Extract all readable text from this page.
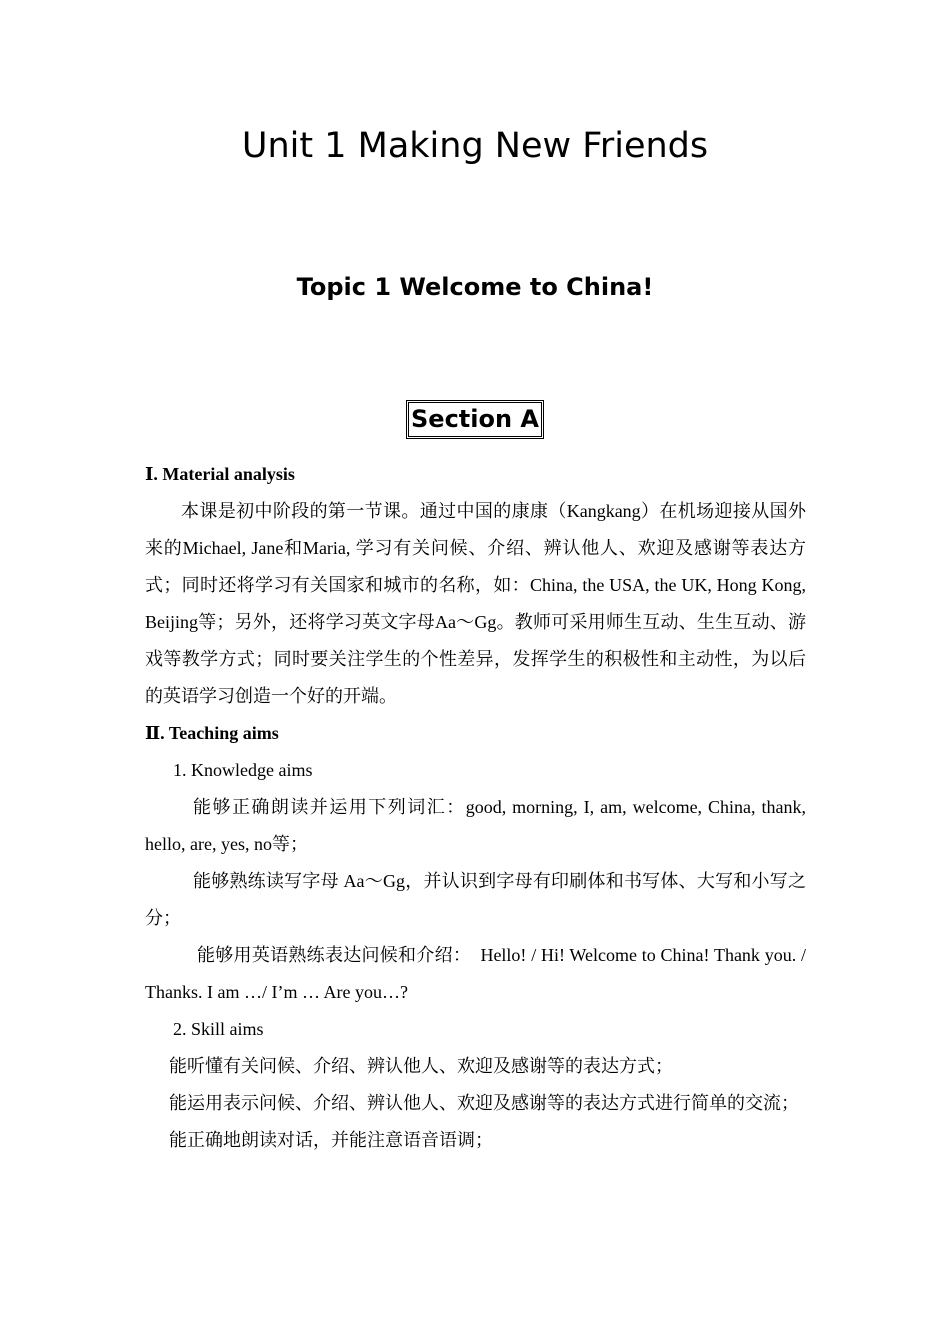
Unit 1 Making New Friends
Topic 1 Welcome to China!
Section A

Ⅰ. Material analysis

本课是初中阶段的第一节课。通过中国的康康（Kangkang）在机场迎接从国外来的Michael, Jane和Maria, 学习有关问候、介绍、辨认他人、欢迎及感谢等表达方式；同时还将学习有关国家和城市的名称，如：China, the USA, the UK, Hong Kong, Beijing等；另外，还将学习英文字母Aa～Gg。教师可采用师生互动、生生互动、游戏等教学方式；同时要关注学生的个性差异，发挥学生的积极性和主动性，为以后的英语学习创造一个好的开端。

Ⅱ. Teaching aims

1. Knowledge aims

能够正确朗读并运用下列词汇：good, morning, I, am, welcome, China, thank, hello, are, yes, no等；

能够熟练读写字母 Aa～Gg，并认识到字母有印刷体和书写体、大写和小写之分；

能够用英语熟练表达问候和介绍：　Hello! / Hi! Welcome to China! Thank you. / Thanks. I am …/ I’m … Are you…?

2. Skill aims

能听懂有关问候、介绍、辨认他人、欢迎及感谢等的表达方式；

能运用表示问候、介绍、辨认他人、欢迎及感谢等的表达方式进行简单的交流；

能正确地朗读对话，并能注意语音语调；
